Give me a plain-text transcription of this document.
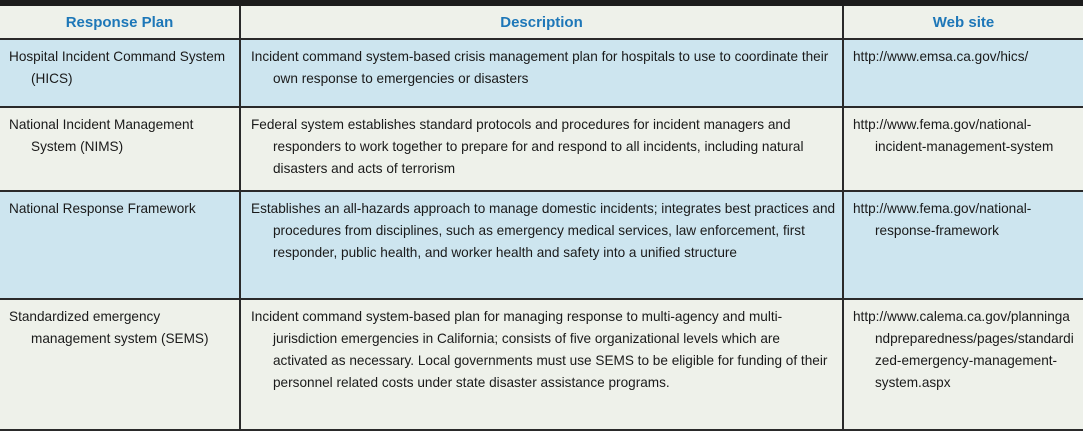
Response Plan	Description	Web site

Hospital Incident Command System (HICS)	Incident command system-based crisis management plan for hospitals to use to coordinate their own response to emergencies or disasters	http://www.emsa.ca.gov/hics/

National Incident Management System (NIMS)	Federal system establishes standard protocols and procedures for incident managers and responders to work together to prepare for and respond to all incidents, including natural disasters and acts of terrorism	http://www.fema.gov/national-incident-management-system

National Response Framework	Establishes an all-hazards approach to manage domestic incidents; integrates best practices and procedures from disciplines, such as emergency medical services, law enforcement, first responder, public health, and worker health and safety into a unified structure	http://www.fema.gov/national-response-framework

Standardized emergency management system (SEMS)	Incident command system-based plan for managing response to multi-agency and multi-jurisdiction emergencies in California; consists of five organizational levels which are activated as necessary. Local governments must use SEMS to be eligible for funding of their personnel related costs under state disaster assistance programs.	http://www.calema.ca.gov/planningandpreparedness/pages/standardized-emergency-management-system.aspx
